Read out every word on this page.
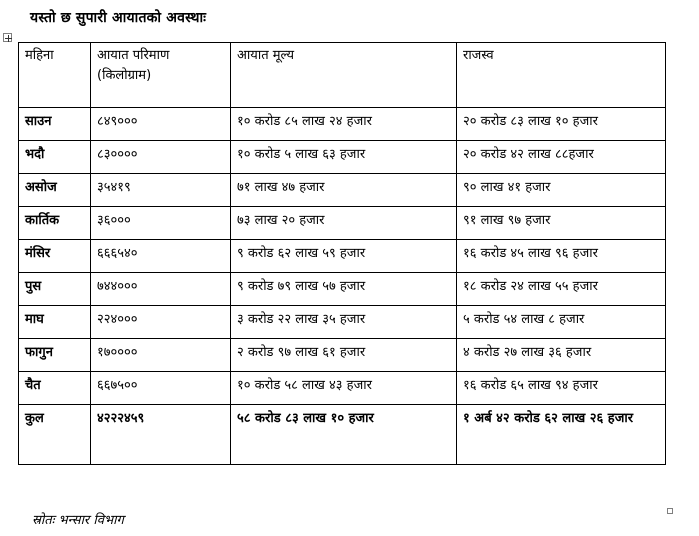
यस्तो छ सुपारी आयातको अवस्थाः
महिना	आयात परिमाण (किलोग्राम)	आयात मूल्य	राजस्व
साउन	८४९०००	१० करोड ८५ लाख २४ हजार	२० करोड ८३ लाख १० हजार
भदौ	८३००००	१० करोड ५ लाख ६३ हजार	२० करोड ४२ लाख ८८हजार
असोज	३५४१९	७१ लाख ४७ हजार	९० लाख ४१ हजार
कार्तिक	३६०००	७३ लाख २० हजार	९१ लाख ९७ हजार
मंसिर	६६६५४०	९ करोड ६२ लाख ५९ हजार	१६ करोड ४५ लाख ९६ हजार
पुस	७४४०००	९ करोड ७९ लाख ५७ हजार	१८ करोड २४ लाख ५५ हजार
माघ	२२४०००	३ करोड २२ लाख ३५ हजार	५ करोड ५४ लाख ८ हजार
फागुन	१७००००	२ करोड ९७ लाख ६१ हजार	४ करोड २७ लाख ३६ हजार
चैत	६६७५००	१० करोड ५८ लाख ४३ हजार	१६ करोड ६५ लाख ९४ हजार
कुल	४२२२४५९	५८ करोड ८३ लाख १० हजार	१ अर्ब ४२ करोड ६२ लाख २६ हजार
स्रोतः भन्सार विभाग
